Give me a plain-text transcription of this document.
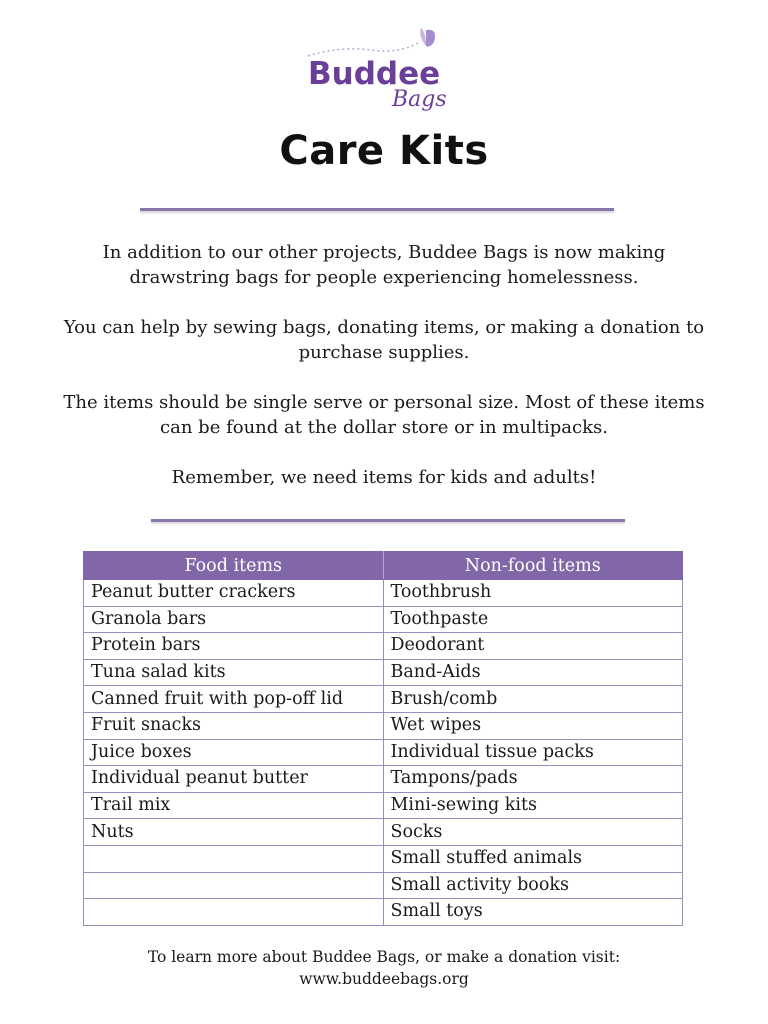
Buddee
Bags
Care Kits

In addition to our other projects, Buddee Bags is now making drawstring bags for people experiencing homelessness.

You can help by sewing bags, donating items, or making a donation to purchase supplies.

The items should be single serve or personal size. Most of these items can be found at the dollar store or in multipacks.

Remember, we need items for kids and adults!

Food items	Non-food items
Peanut butter crackers	Toothbrush
Granola bars	Toothpaste
Protein bars	Deodorant
Tuna salad kits	Band-Aids
Canned fruit with pop-off lid	Brush/comb
Fruit snacks	Wet wipes
Juice boxes	Individual tissue packs
Individual peanut butter	Tampons/pads
Trail mix	Mini-sewing kits
Nuts	Socks
	Small stuffed animals
	Small activity books
	Small toys
To learn more about Buddee Bags, or make a donation visit:
www.buddeebags.org
